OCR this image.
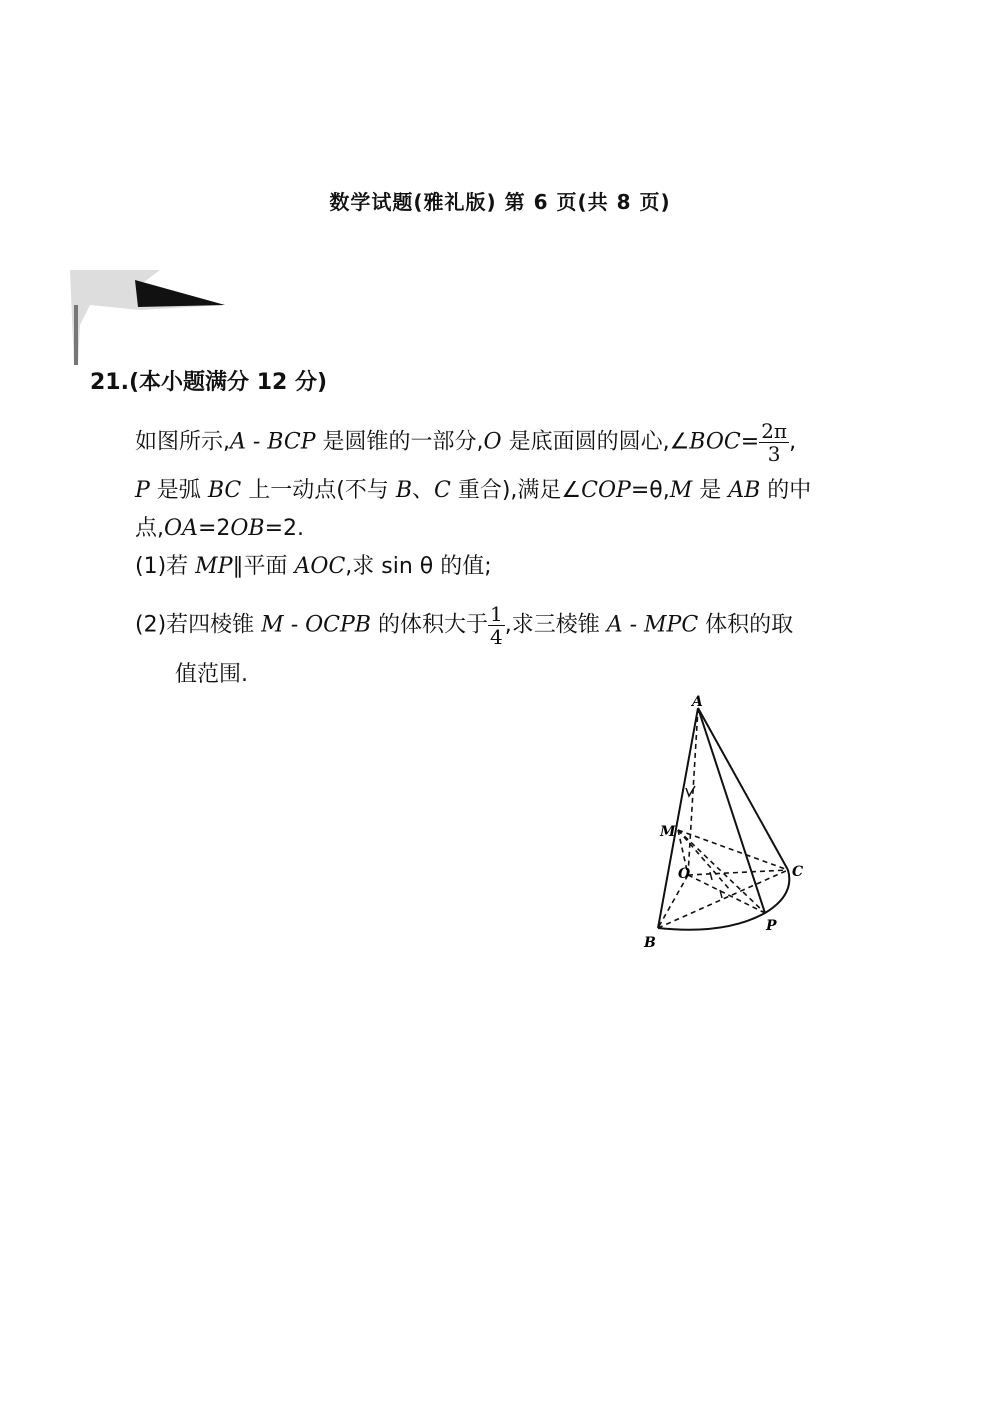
数学试题(雅礼版) 第 6 页(共 8 页)
21.(本小题满分 12 分)
如图所示,A - BCP 是圆锥的一部分,O 是底面圆的圆心,∠BOC= $\frac{2\pi}{3}$ ,
P 是弧 BC 上一动点(不与 B、C 重合),满足∠COP=θ,M 是 AB 的中
点,OA=2OB=2.
(1)若 MP∥平面 AOC,求 sin θ 的值;
(2)若四棱锥 M - OCPB 的体积大于 $\frac{1}{4}$ ,求三棱锥 A - MPC 体积的取
值范围.
A
M
O	C
B
P
